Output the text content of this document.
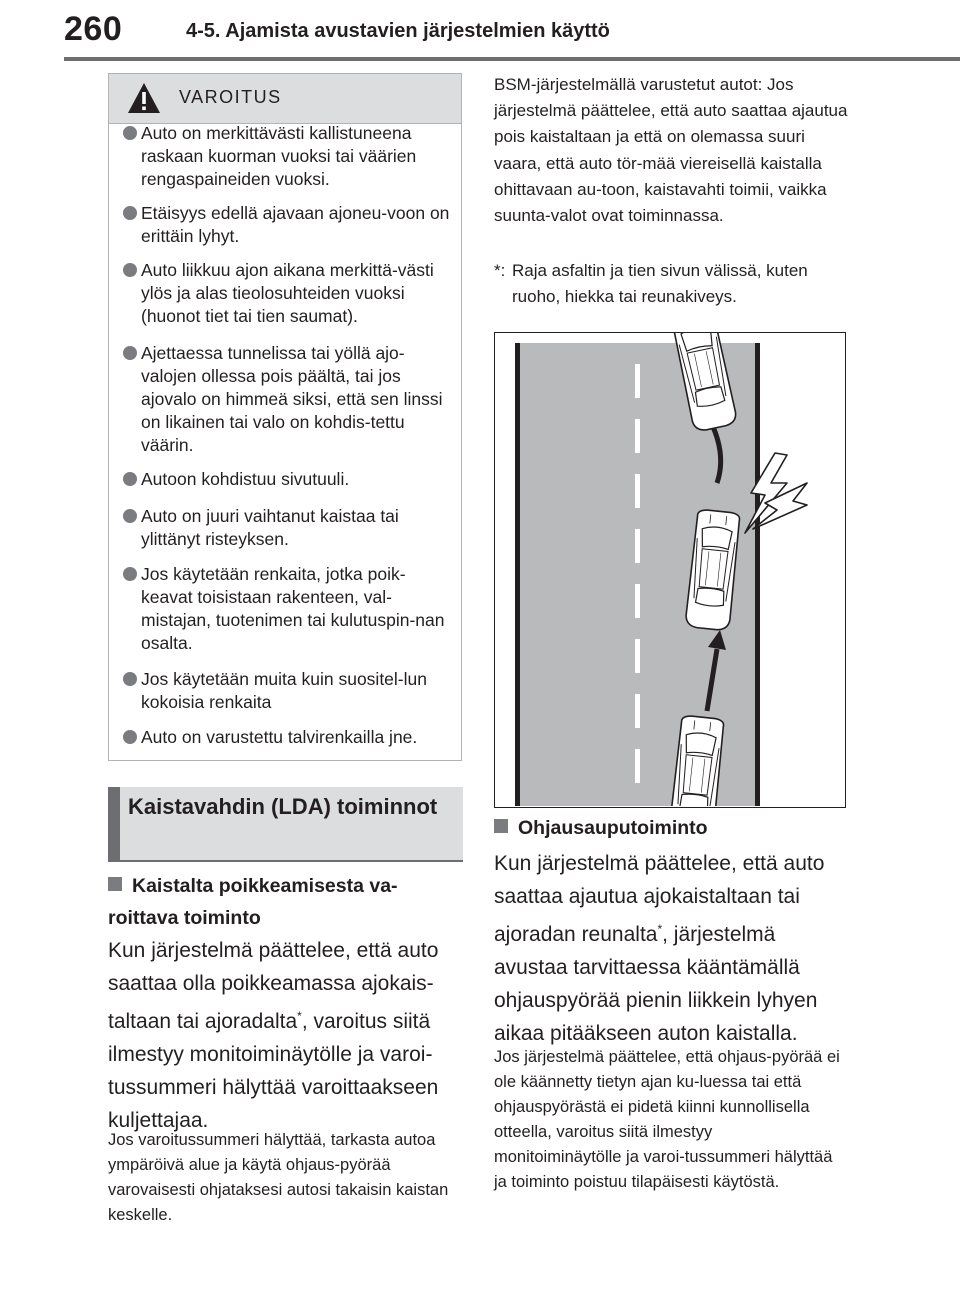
260	4-5. Ajamista avustavien järjestelmien käyttö
VAROITUS
Auto on merkittävästi kallistuneena raskaan kuorman vuoksi tai väärien rengaspaineiden vuoksi.
Etäisyys edellä ajavaan ajoneu-voon on erittäin lyhyt.
Auto liikkuu ajon aikana merkittä-västi ylös ja alas tieolosuhteiden vuoksi (huonot tiet tai tien saumat).
Ajettaessa tunnelissa tai yöllä ajo-valojen ollessa pois päältä, tai jos ajovalo on himmeä siksi, että sen linssi on likainen tai valo on kohdis-tettu väärin.
Autoon kohdistuu sivutuuli.
Auto on juuri vaihtanut kaistaa tai ylittänyt risteyksen.
Jos käytetään renkaita, jotka poik-keavat toisistaan rakenteen, val-mistajan, tuotenimen tai kulutuspin-nan osalta.
Jos käytetään muita kuin suositel-lun kokoisia renkaita
Auto on varustettu talvirenkailla jne.
Kaistavahdin (LDA) toiminnot
Kaistalta poikkeamisesta va-roittava toiminto
Kun järjestelmä päättelee, että auto saattaa olla poikkeamassa ajokais-taltaan tai ajoradalta*, varoitus siitä ilmestyy monitoiminäytölle ja varoi-tussummeri hälyttää varoittaakseen kuljettajaa.
Jos varoitussummeri hälyttää, tarkasta autoa ympäröivä alue ja käytä ohjaus-pyörää varovaisesti ohjataksesi autosi takaisin kaistan keskelle.
BSM-järjestelmällä varustetut autot: Jos järjestelmä päättelee, että auto saattaa ajautua pois kaistaltaan ja että on olemassa suuri vaara, että auto tör-mää viereisellä kaistalla ohittavaan au-toon, kaistavahti toimii, vaikka suunta-valot ovat toiminnassa.
*: Raja asfaltin ja tien sivun välissä, kuten ruoho, hiekka tai reunakiveys.
Ohjausauputoiminto
Kun järjestelmä päättelee, että auto saattaa ajautua ajokaistaltaan tai ajoradan reunalta*, järjestelmä avustaa tarvittaessa kääntämällä ohjauspyörää pienin liikkein lyhyen aikaa pitääkseen auton kaistalla.
Jos järjestelmä päättelee, että ohjaus-pyörää ei ole käännetty tietyn ajan ku-luessa tai että ohjauspyörästä ei pidetä kiinni kunnollisella otteella, varoitus siitä ilmestyy monitoiminäytölle ja varoi-tussummeri hälyttää ja toiminto poistuu tilapäisesti käytöstä.
